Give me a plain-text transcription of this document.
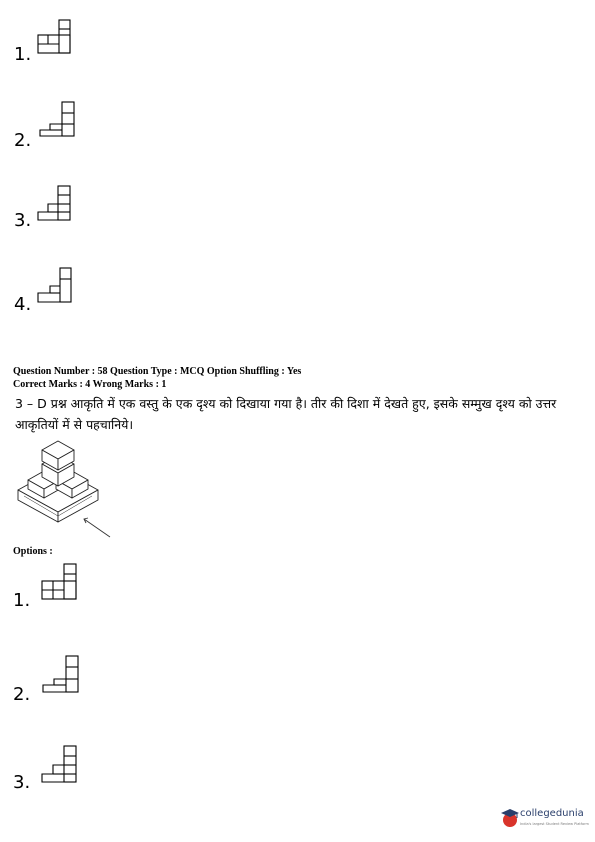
1.
2.
3.
4.
Question Number : 58 Question Type : MCQ Option Shuffling : Yes
Correct Marks : 4 Wrong Marks : 1
3 – D प्रश्न आकृति में एक वस्तु के एक दृश्य को दिखाया गया है। तीर की दिशा में देखते हुए, इसके सम्मुख दृश्य को उत्तर आकृतियों में से पहचानिये।
Options :
1.
2.
3.
collegedunia
India's largest Student Review Platform
